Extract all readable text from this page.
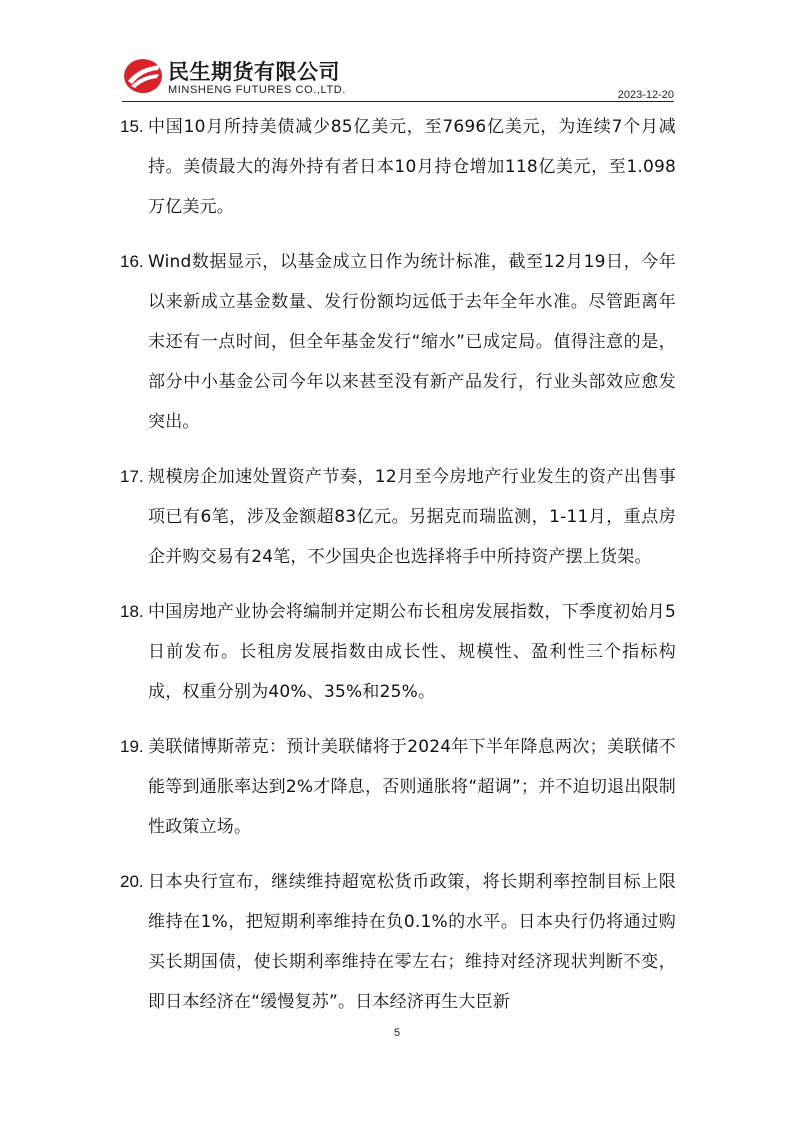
民生期货有限公司
MINSHENG FUTURES CO.,LTD.	2023-12-20
15. 中国10月所持美债减少85亿美元，至7696亿美元，为连续7个月减持。美债最大的海外持有者日本10月持仓增加118亿美元，至1.098万亿美元。
16. Wind数据显示，以基金成立日作为统计标准，截至12月19日，今年以来新成立基金数量、发行份额均远低于去年全年水准。尽管距离年末还有一点时间，但全年基金发行“缩水”已成定局。值得注意的是，部分中小基金公司今年以来甚至没有新产品发行，行业头部效应愈发突出。
17. 规模房企加速处置资产节奏，12月至今房地产行业发生的资产出售事项已有6笔，涉及金额超83亿元。另据克而瑞监测，1-11月，重点房企并购交易有24笔，不少国央企也选择将手中所持资产摆上货架。
18. 中国房地产业协会将编制并定期公布长租房发展指数，下季度初始月5日前发布。长租房发展指数由成长性、规模性、盈利性三个指标构成，权重分别为40%、35%和25%。
19. 美联储博斯蒂克：预计美联储将于2024年下半年降息两次；美联储不能等到通胀率达到2%才降息，否则通胀将“超调”；并不迫切退出限制性政策立场。
20. 日本央行宣布，继续维持超宽松货币政策，将长期利率控制目标上限维持在1%，把短期利率维持在负0.1%的水平。日本央行仍将通过购买长期国债，使长期利率维持在零左右；维持对经济现状判断不变，即日本经济在“缓慢复苏”。日本经济再生大臣新
5
